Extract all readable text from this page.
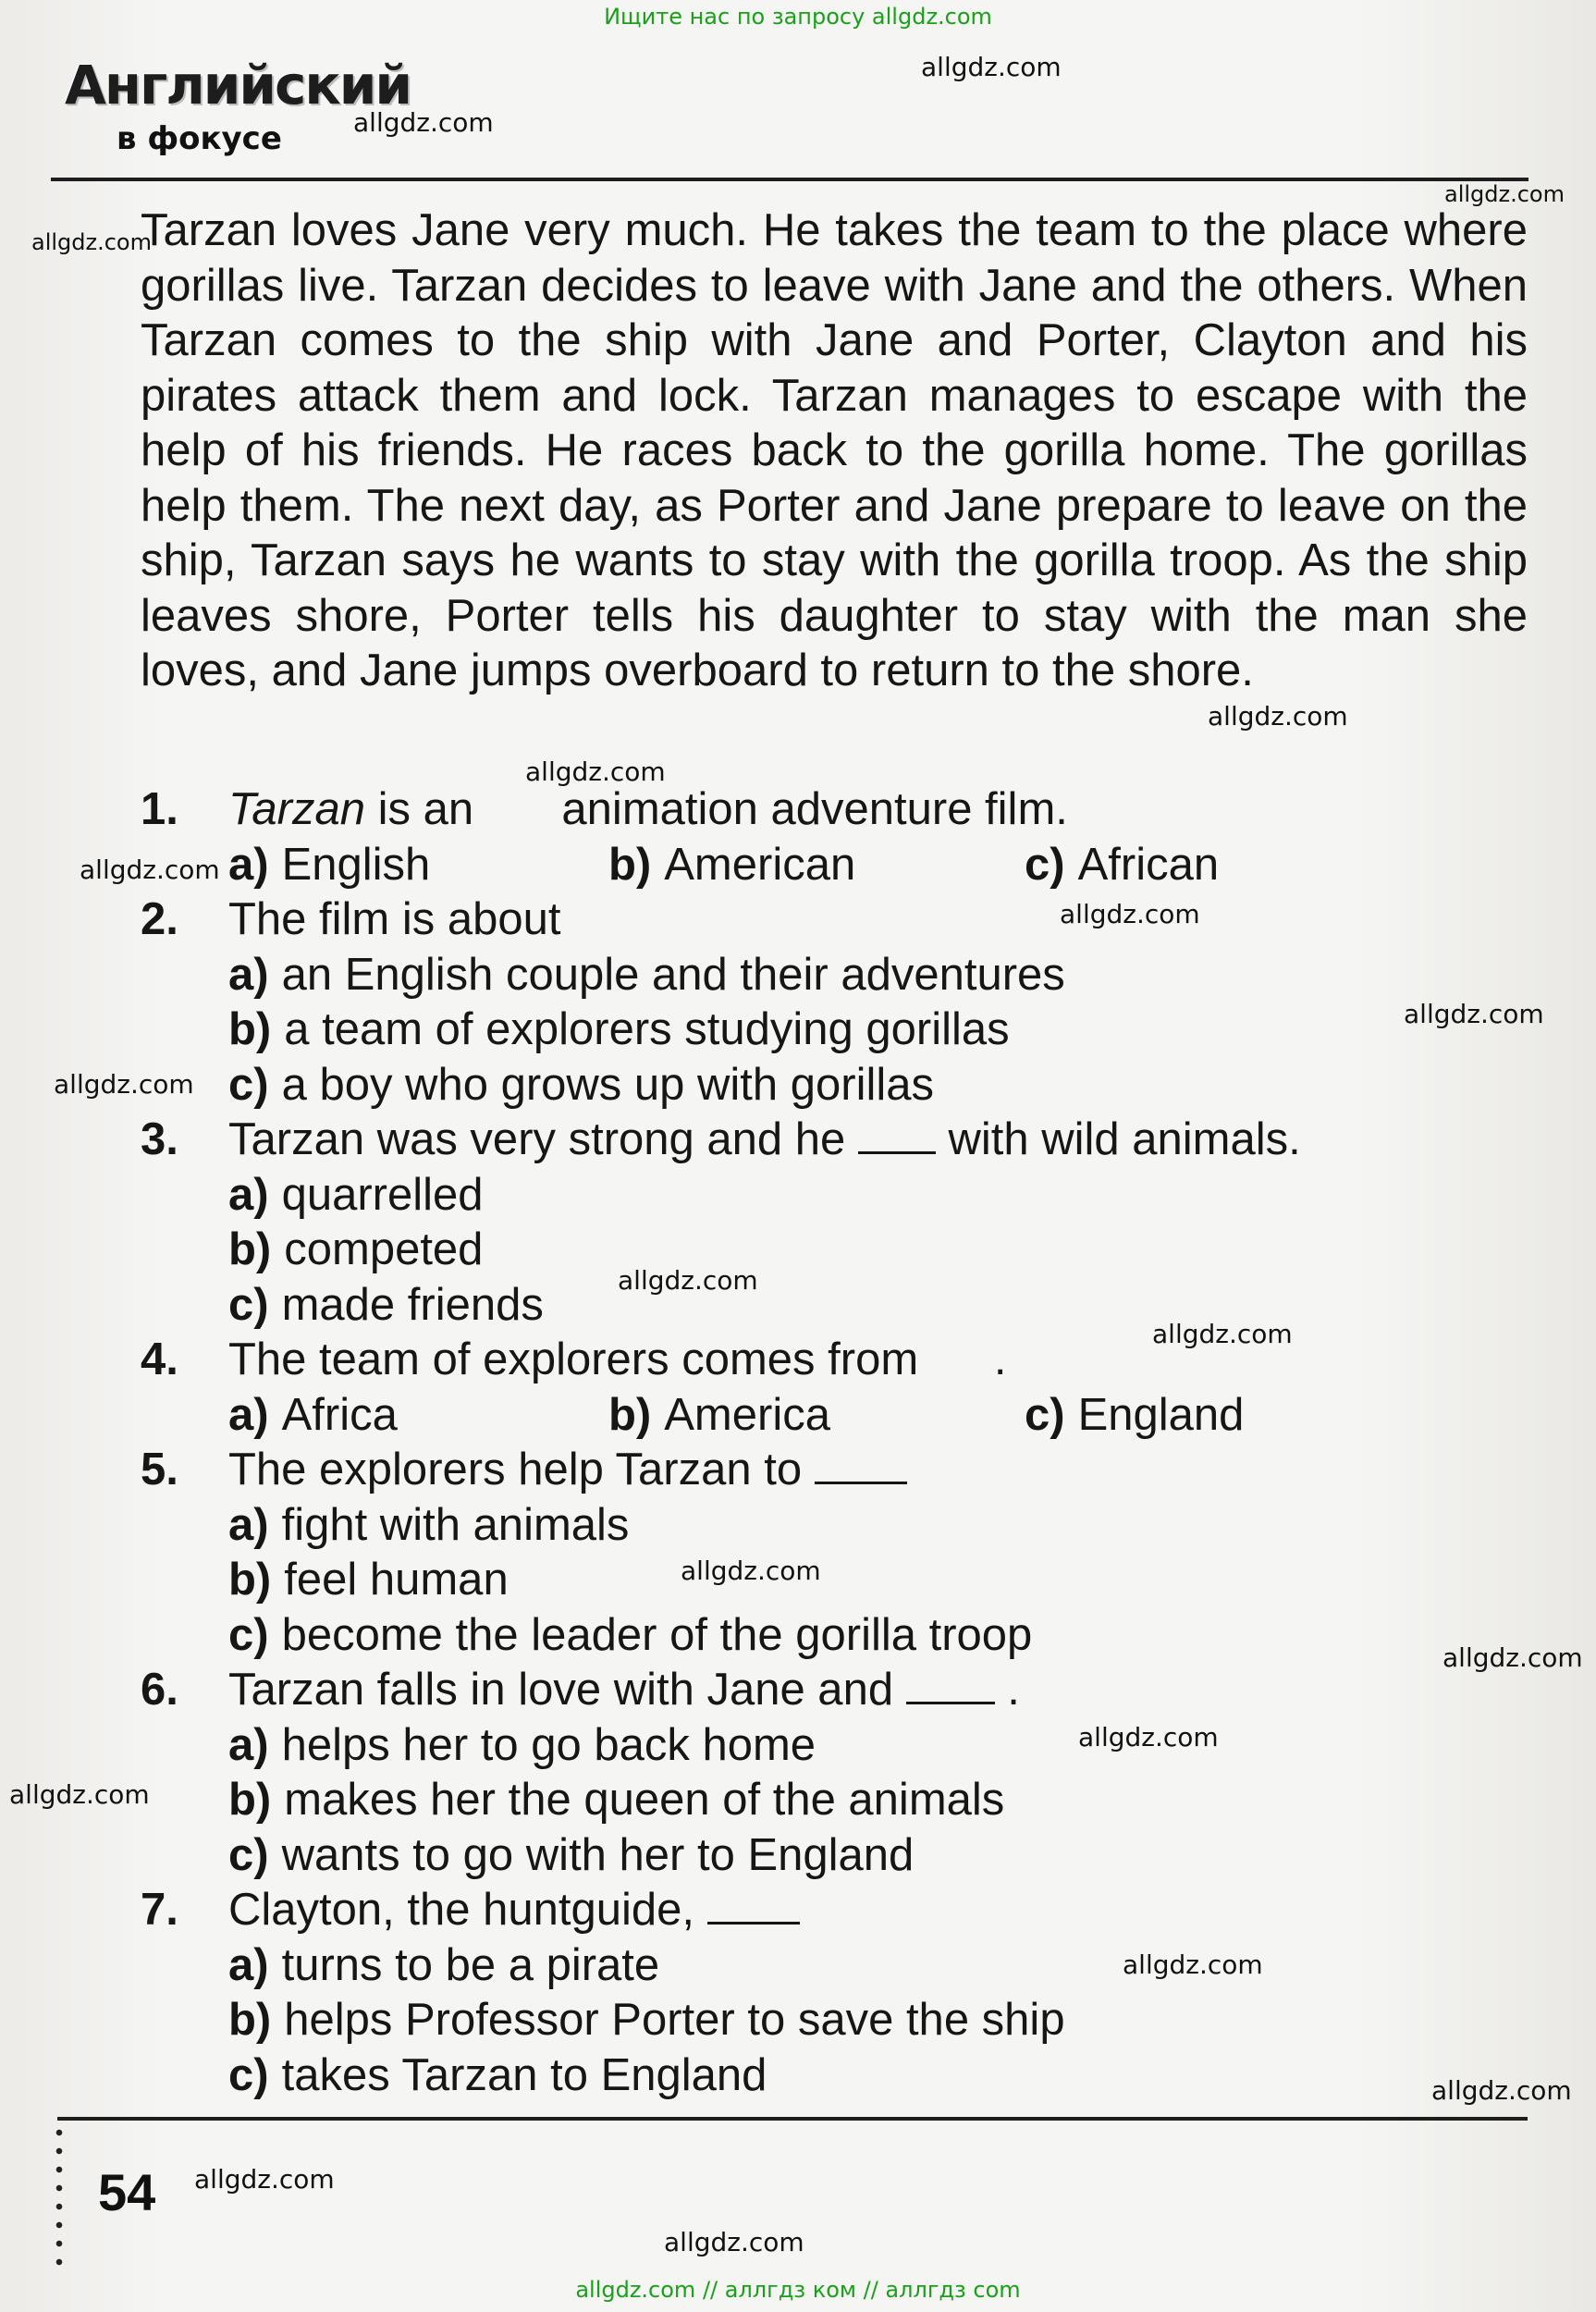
Ищите нас по запросу allgdz.com
Английский
в фокусе
allgdz.com
allgdz.com
allgdz.com
allgdz.com
allgdz.com
allgdz.com
allgdz.com
allgdz.com
allgdz.com
allgdz.com
allgdz.com
allgdz.com
allgdz.com
allgdz.com
allgdz.com
allgdz.com
allgdz.com
allgdz.com
allgdz.com
allgdz.com

Tarzan loves Jane very much. He takes the team to the place where gorillas live. Tarzan decides to leave with Jane and the others. When Tarzan comes to the ship with Jane and Porter, Clayton and his pirates attack them and lock. Tarzan manages to escape with the help of his friends. He races back to the gorilla home. The gorillas help them. The next day, as Porter and Jane prepare to leave on the ship, Tarzan says he wants to stay with the gorilla troop. As the ship leaves shore, Porter tells his daughter to stay with the man she loves, and Jane jumps overboard to return to the shore.

1. Tarzan is an       animation adventure film.
a) English	b) American	c) African
2. The film is about
a) an English couple and their adventures
b) a team of explorers studying gorillas
c) a boy who grows up with gorillas
3. Tarzan was very strong and he  with wild animals.
a) quarrelled
b) competed
c) made friends
4. The team of explorers comes from      .
a) Africa	b) America	c) England
5. The explorers help Tarzan to
a) fight with animals
b) feel human
c) become the leader of the gorilla troop
6. Tarzan falls in love with Jane and  .
a) helps her to go back home
b) makes her the queen of the animals
c) wants to go with her to England
7. Clayton, the huntguide,
a) turns to be a pirate
b) helps Professor Porter to save the ship
c) takes Tarzan to England
54
allgdz.com // аллгдз ком // аллгдз com
